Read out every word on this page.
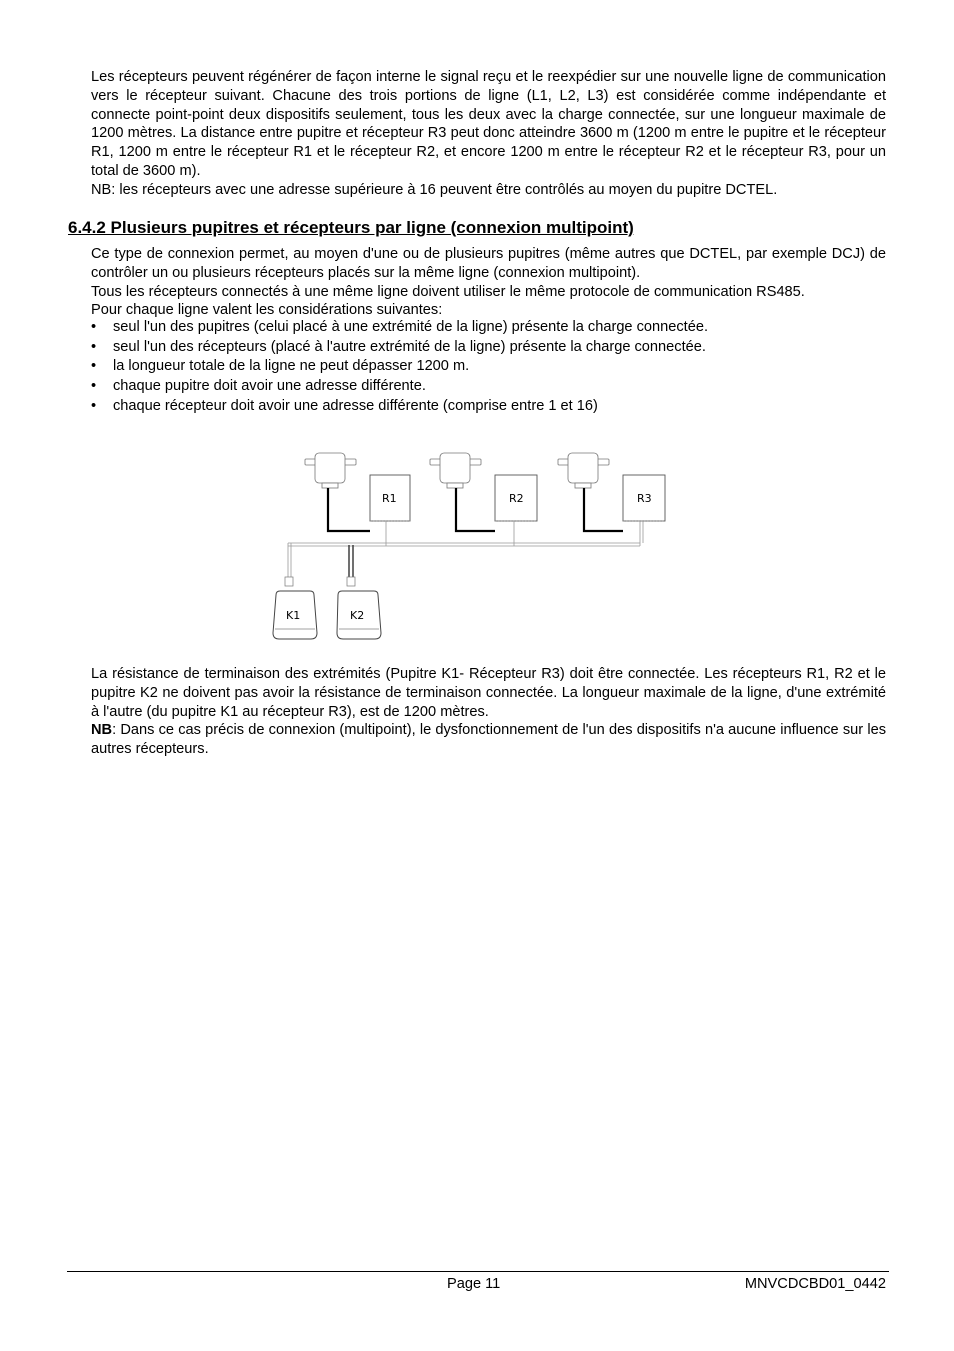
Les récepteurs peuvent régénérer de façon interne le signal reçu et le reexpédier sur une nouvelle ligne de communication vers le récepteur suivant. Chacune des trois portions de ligne (L1, L2, L3) est considérée comme indépendante et connecte point-point deux dispositifs seulement, tous les deux avec la charge connectée, sur une longueur maximale de 1200 mètres. La distance entre pupitre et récepteur R3 peut donc atteindre 3600 m (1200 m entre le pupitre et le récepteur R1, 1200 m entre le récepteur R1 et le récepteur R2, et encore 1200 m entre le récepteur R2 et le récepteur R3, pour un total de 3600 m).

NB: les récepteurs avec une adresse supérieure à 16 peuvent être contrôlés au moyen du pupitre DCTEL.

6.4.2 Plusieurs pupitres et récepteurs par ligne (connexion multipoint)

Ce type de connexion permet, au moyen d'une ou de plusieurs pupitres (même autres que DCTEL, par exemple DCJ) de contrôler un ou plusieurs récepteurs placés sur la même ligne (connexion multipoint).

Tous les récepteurs connectés à une même ligne doivent utiliser le même protocole de communication RS485.

Pour chaque ligne valent les considérations suivantes:

• seul l'un des pupitres (celui placé à une extrémité de la ligne) présente la charge connectée.
• seul l'un des récepteurs (placé à l'autre extrémité de la ligne) présente la charge connectée.
• la longueur totale de la ligne ne peut dépasser 1200 m.
• chaque pupitre doit avoir une adresse différente.
• chaque récepteur doit avoir une adresse différente (comprise entre 1 et 16)
R1	R2	R3
K1	K2

La résistance de terminaison des extrémités (Pupitre K1- Récepteur R3) doit être connectée. Les récepteurs R1, R2 et le pupitre K2 ne doivent pas avoir la résistance de terminaison connectée. La longueur maximale de la ligne, d'une extrémité à l'autre (du pupitre K1 au récepteur R3), est de 1200 mètres.

NB: Dans ce cas précis de connexion (multipoint), le dysfonctionnement de l'un des dispositifs n'a aucune influence sur les autres récepteurs.

Page 11	MNVCDCBD01_0442
